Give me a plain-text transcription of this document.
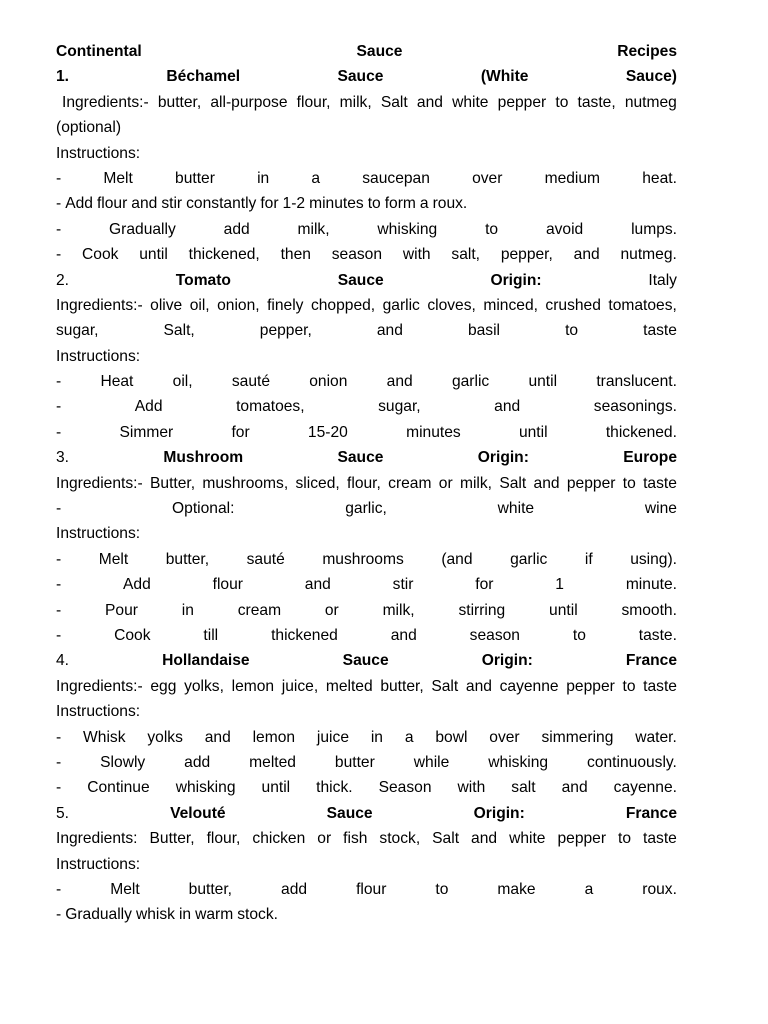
Continental	Sauce	Recipes
1.	Béchamel	Sauce	(White	Sauce)
Ingredients:- butter, all-purpose flour, milk, Salt and white pepper to taste, nutmeg
(optional)
Instructions:
-	Melt	butter	in	a	saucepan	over	medium	heat.
- Add flour and stir constantly for 1-2 minutes to form a roux.
-	Gradually	add	milk,	whisking	to	avoid	lumps.
- Cook until thickened, then season with salt, pepper, and nutmeg.
2.	Tomato	Sauce	Origin:	Italy
Ingredients:- olive oil, onion, finely chopped, garlic cloves, minced, crushed tomatoes,
sugar,	Salt,	pepper,	and	basil	to	taste
Instructions:
-	Heat	oil,	sauté	onion	and	garlic	until	translucent.
-	Add	tomatoes,	sugar,	and	seasonings.
-	Simmer	for	15-20	minutes	until	thickened.
3.	Mushroom	Sauce	Origin:	Europe
Ingredients:- Butter, mushrooms, sliced, flour, cream or milk, Salt and pepper to taste
-	Optional:	garlic,	white	wine
Instructions:
- Melt butter, sauté mushrooms (and garlic if using).
-	Add	flour	and	stir	for	1	minute.
-	Pour	in	cream	or	milk,	stirring	until	smooth.
-	Cook	till	thickened	and	season	to	taste.
4.	Hollandaise	Sauce	Origin:	France
Ingredients:- egg yolks, lemon juice, melted butter, Salt and cayenne pepper to taste
Instructions:
- Whisk yolks and lemon juice in a bowl over simmering water.
- Slowly add melted butter while whisking continuously.
- Continue whisking until thick. Season with salt and cayenne.
5.	Velouté	Sauce	Origin:	France
Ingredients: Butter, flour, chicken or fish stock, Salt and white pepper to taste
Instructions:
-	Melt	butter,	add	flour	to	make	a	roux.
- Gradually whisk in warm stock.
